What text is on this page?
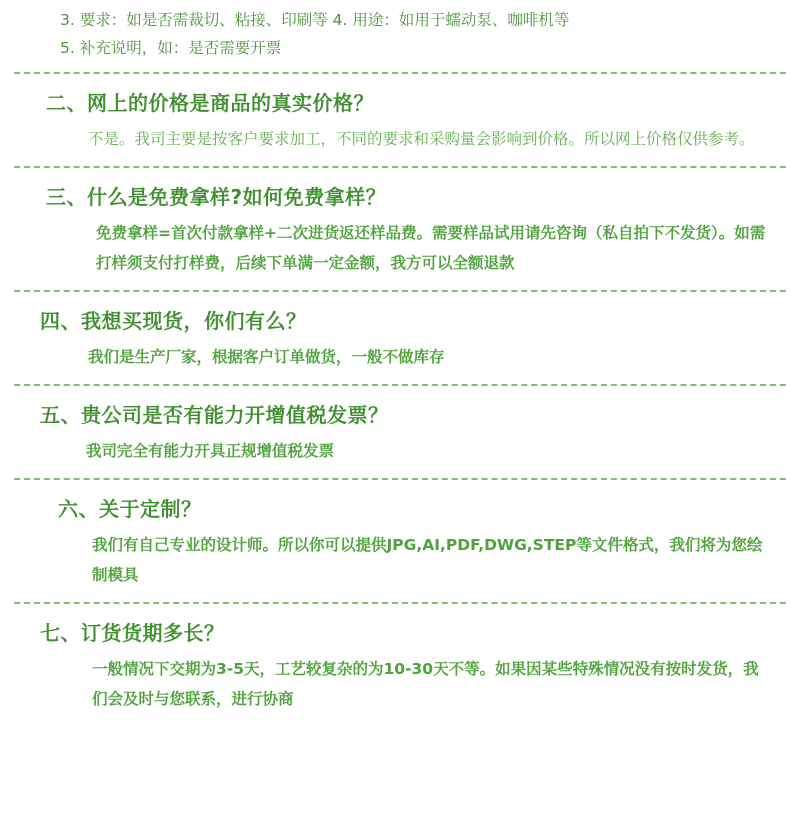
3. 要求：如是否需裁切、粘接、印刷等 4. 用途：如用于蠕动泵、咖啡机等
5. 补充说明，如：是否需要开票
二、网上的价格是商品的真实价格？
不是。我司主要是按客户要求加工，不同的要求和采购量会影响到价格。所以网上价格仅供参考。
三、什么是免费拿样?如何免费拿样？
免费拿样=首次付款拿样+二次进货返还样品费。需要样品试用请先咨询（私自拍下不发货）。如需打样须支付打样费，后续下单满一定金额，我方可以全额退款
四、我想买现货，你们有么？
我们是生产厂家，根据客户订单做货，一般不做库存
五、贵公司是否有能力开增值税发票？
我司完全有能力开具正规增值税发票
六、关于定制？
我们有自己专业的设计师。所以你可以提供JPG,AI,PDF,DWG,STEP等文件格式，我们将为您绘制模具
七、订货货期多长？
一般情况下交期为3-5天，工艺较复杂的为10-30天不等。如果因某些特殊情况没有按时发货，我们会及时与您联系，进行协商
